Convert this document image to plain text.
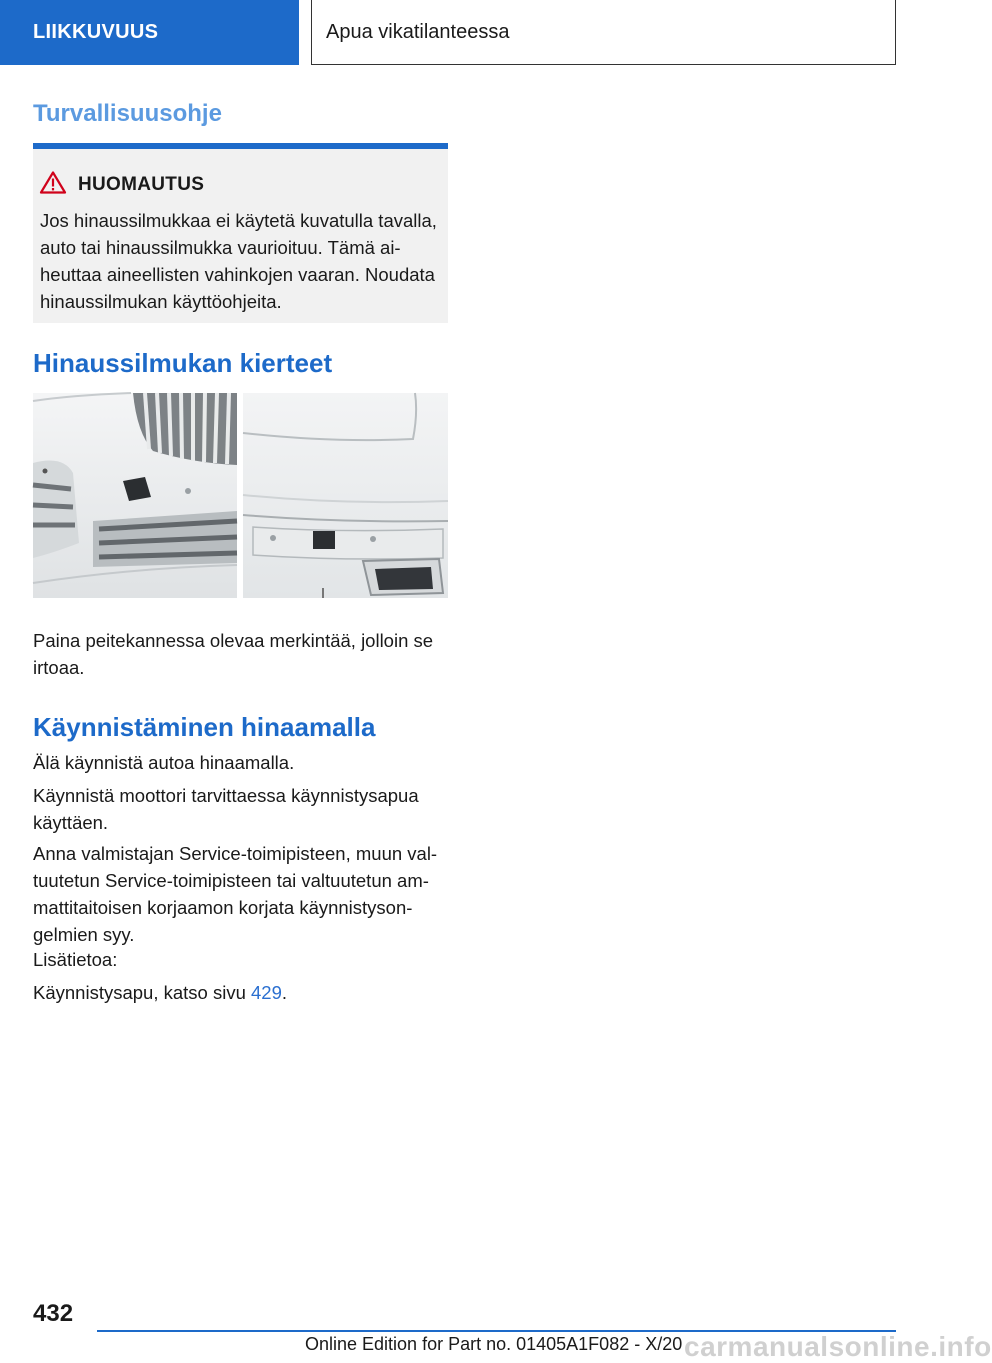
LIIKKUVUUS	Apua vikatilanteessa
Turvallisuusohje
HUOMAUTUS

Jos hinaussilmukkaa ei käytetä kuvatulla tavalla,
auto tai hinaussilmukka vaurioituu. Tämä ai-
heuttaa aineellisten vahinkojen vaaran. Noudata
hinaussilmukan käyttöohjeita.

Hinaussilmukan kierteet

Paina peitekannessa olevaa merkintää, jolloin se
irtoaa.

Käynnistäminen hinaamalla

Älä käynnistä autoa hinaamalla.

Käynnistä moottori tarvittaessa käynnistysapua
käyttäen.

Anna valmistajan Service-toimipisteen, muun val-
tuutetun Service-toimipisteen tai valtuutetun am-
mattitaitoisen korjaamon korjata käynnistyson-
gelmien syy.

Lisätietoa:

Käynnistysapu, katso sivu 429.

432
Online Edition for Part no. 01405A1F082 - X/20 carmanualsonline.info
